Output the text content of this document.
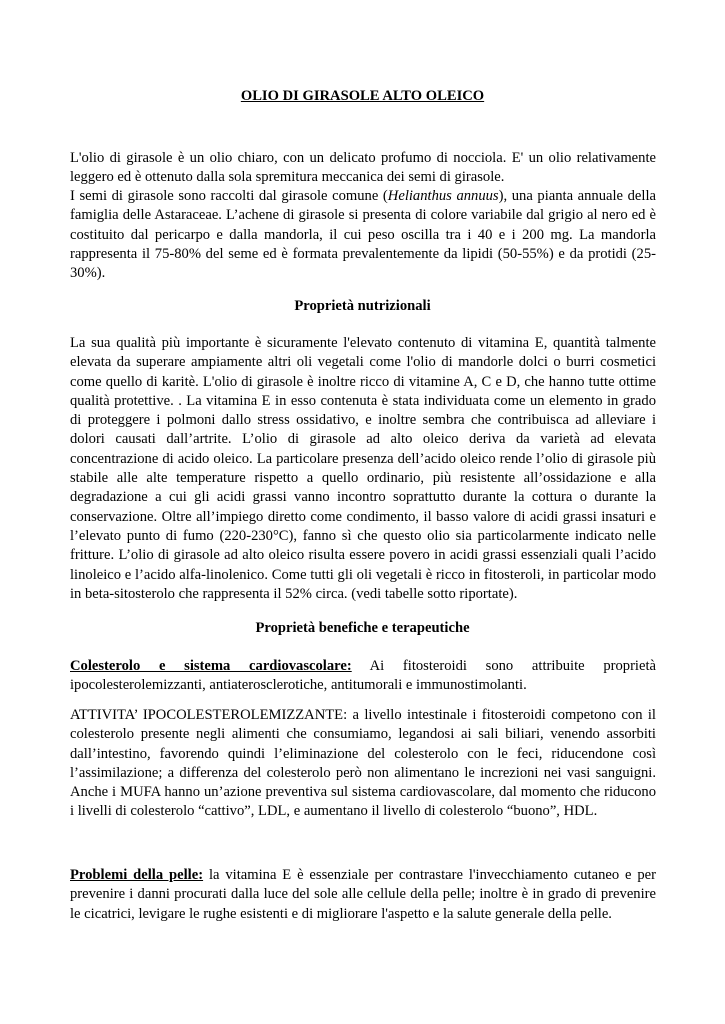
OLIO DI GIRASOLE ALTO OLEICO

L'olio di girasole è un olio chiaro, con un delicato profumo di nocciola. E' un olio relativamente leggero ed è ottenuto dalla sola spremitura meccanica dei semi di girasole.

I semi di girasole sono raccolti dal girasole comune (Helianthus annuus), una pianta annuale della famiglia delle Astaraceae. L’achene di girasole si presenta di colore variabile dal grigio al nero ed è costituito dal pericarpo e dalla mandorla, il cui peso oscilla tra i 40 e i 200 mg. La mandorla rappresenta il 75-80% del seme ed è formata prevalentemente da lipidi (50-55%) e da protidi (25-30%).

Proprietà nutrizionali

La sua qualità più importante è sicuramente l'elevato contenuto di vitamina E, quantità talmente elevata da superare ampiamente altri oli vegetali come l'olio di mandorle dolci o burri cosmetici come quello di karitè. L'olio di girasole è inoltre ricco di vitamine A, C e D, che hanno tutte ottime qualità protettive. . La vitamina E in esso contenuta è stata individuata come un elemento in grado di proteggere i polmoni dallo stress ossidativo, e inoltre sembra che contribuisca ad alleviare i dolori causati dall’artrite. L’olio di girasole ad alto oleico deriva da varietà ad elevata concentrazione di acido oleico. La particolare presenza dell’acido oleico rende l’olio di girasole più stabile alle alte temperature rispetto a quello ordinario, più resistente all’ossidazione e alla degradazione a cui gli acidi grassi vanno incontro soprattutto durante la cottura o durante la conservazione. Oltre all’impiego diretto come condimento, il basso valore di acidi grassi insaturi e l’elevato punto di fumo (220-230°C), fanno sì che questo olio sia particolarmente indicato nelle fritture. L’olio di girasole ad alto oleico risulta essere povero in acidi grassi essenziali quali l’acido linoleico e l’acido alfa-linolenico. Come tutti gli oli vegetali è ricco in fitosteroli, in particolar modo in beta-sitosterolo che rappresenta il 52% circa. (vedi tabelle sotto riportate).

Proprietà benefiche e terapeutiche

Colesterolo e sistema cardiovascolare: Ai fitosteroidi sono attribuite proprietà ipocolesterolemizzanti, antiaterosclerotiche, antitumorali e immunostimolanti.

ATTIVITA’ IPOCOLESTEROLEMIZZANTE: a livello intestinale i fitosteroidi competono con il colesterolo presente negli alimenti che consumiamo, legandosi ai sali biliari, venendo assorbiti dall’intestino, favorendo quindi l’eliminazione del colesterolo con le feci, riducendone così l’assimilazione; a differenza del colesterolo però non alimentano le increzioni nei vasi sanguigni. Anche i MUFA hanno un’azione preventiva sul sistema cardiovascolare, dal momento che riducono i livelli di colesterolo “cattivo”, LDL, e aumentano il livello di colesterolo “buono”, HDL.

Problemi della pelle: la vitamina E è essenziale per contrastare l'invecchiamento cutaneo e per prevenire i danni procurati dalla luce del sole alle cellule della pelle; inoltre è in grado di prevenire le cicatrici, levigare le rughe esistenti e di migliorare l'aspetto e la salute generale della pelle.
